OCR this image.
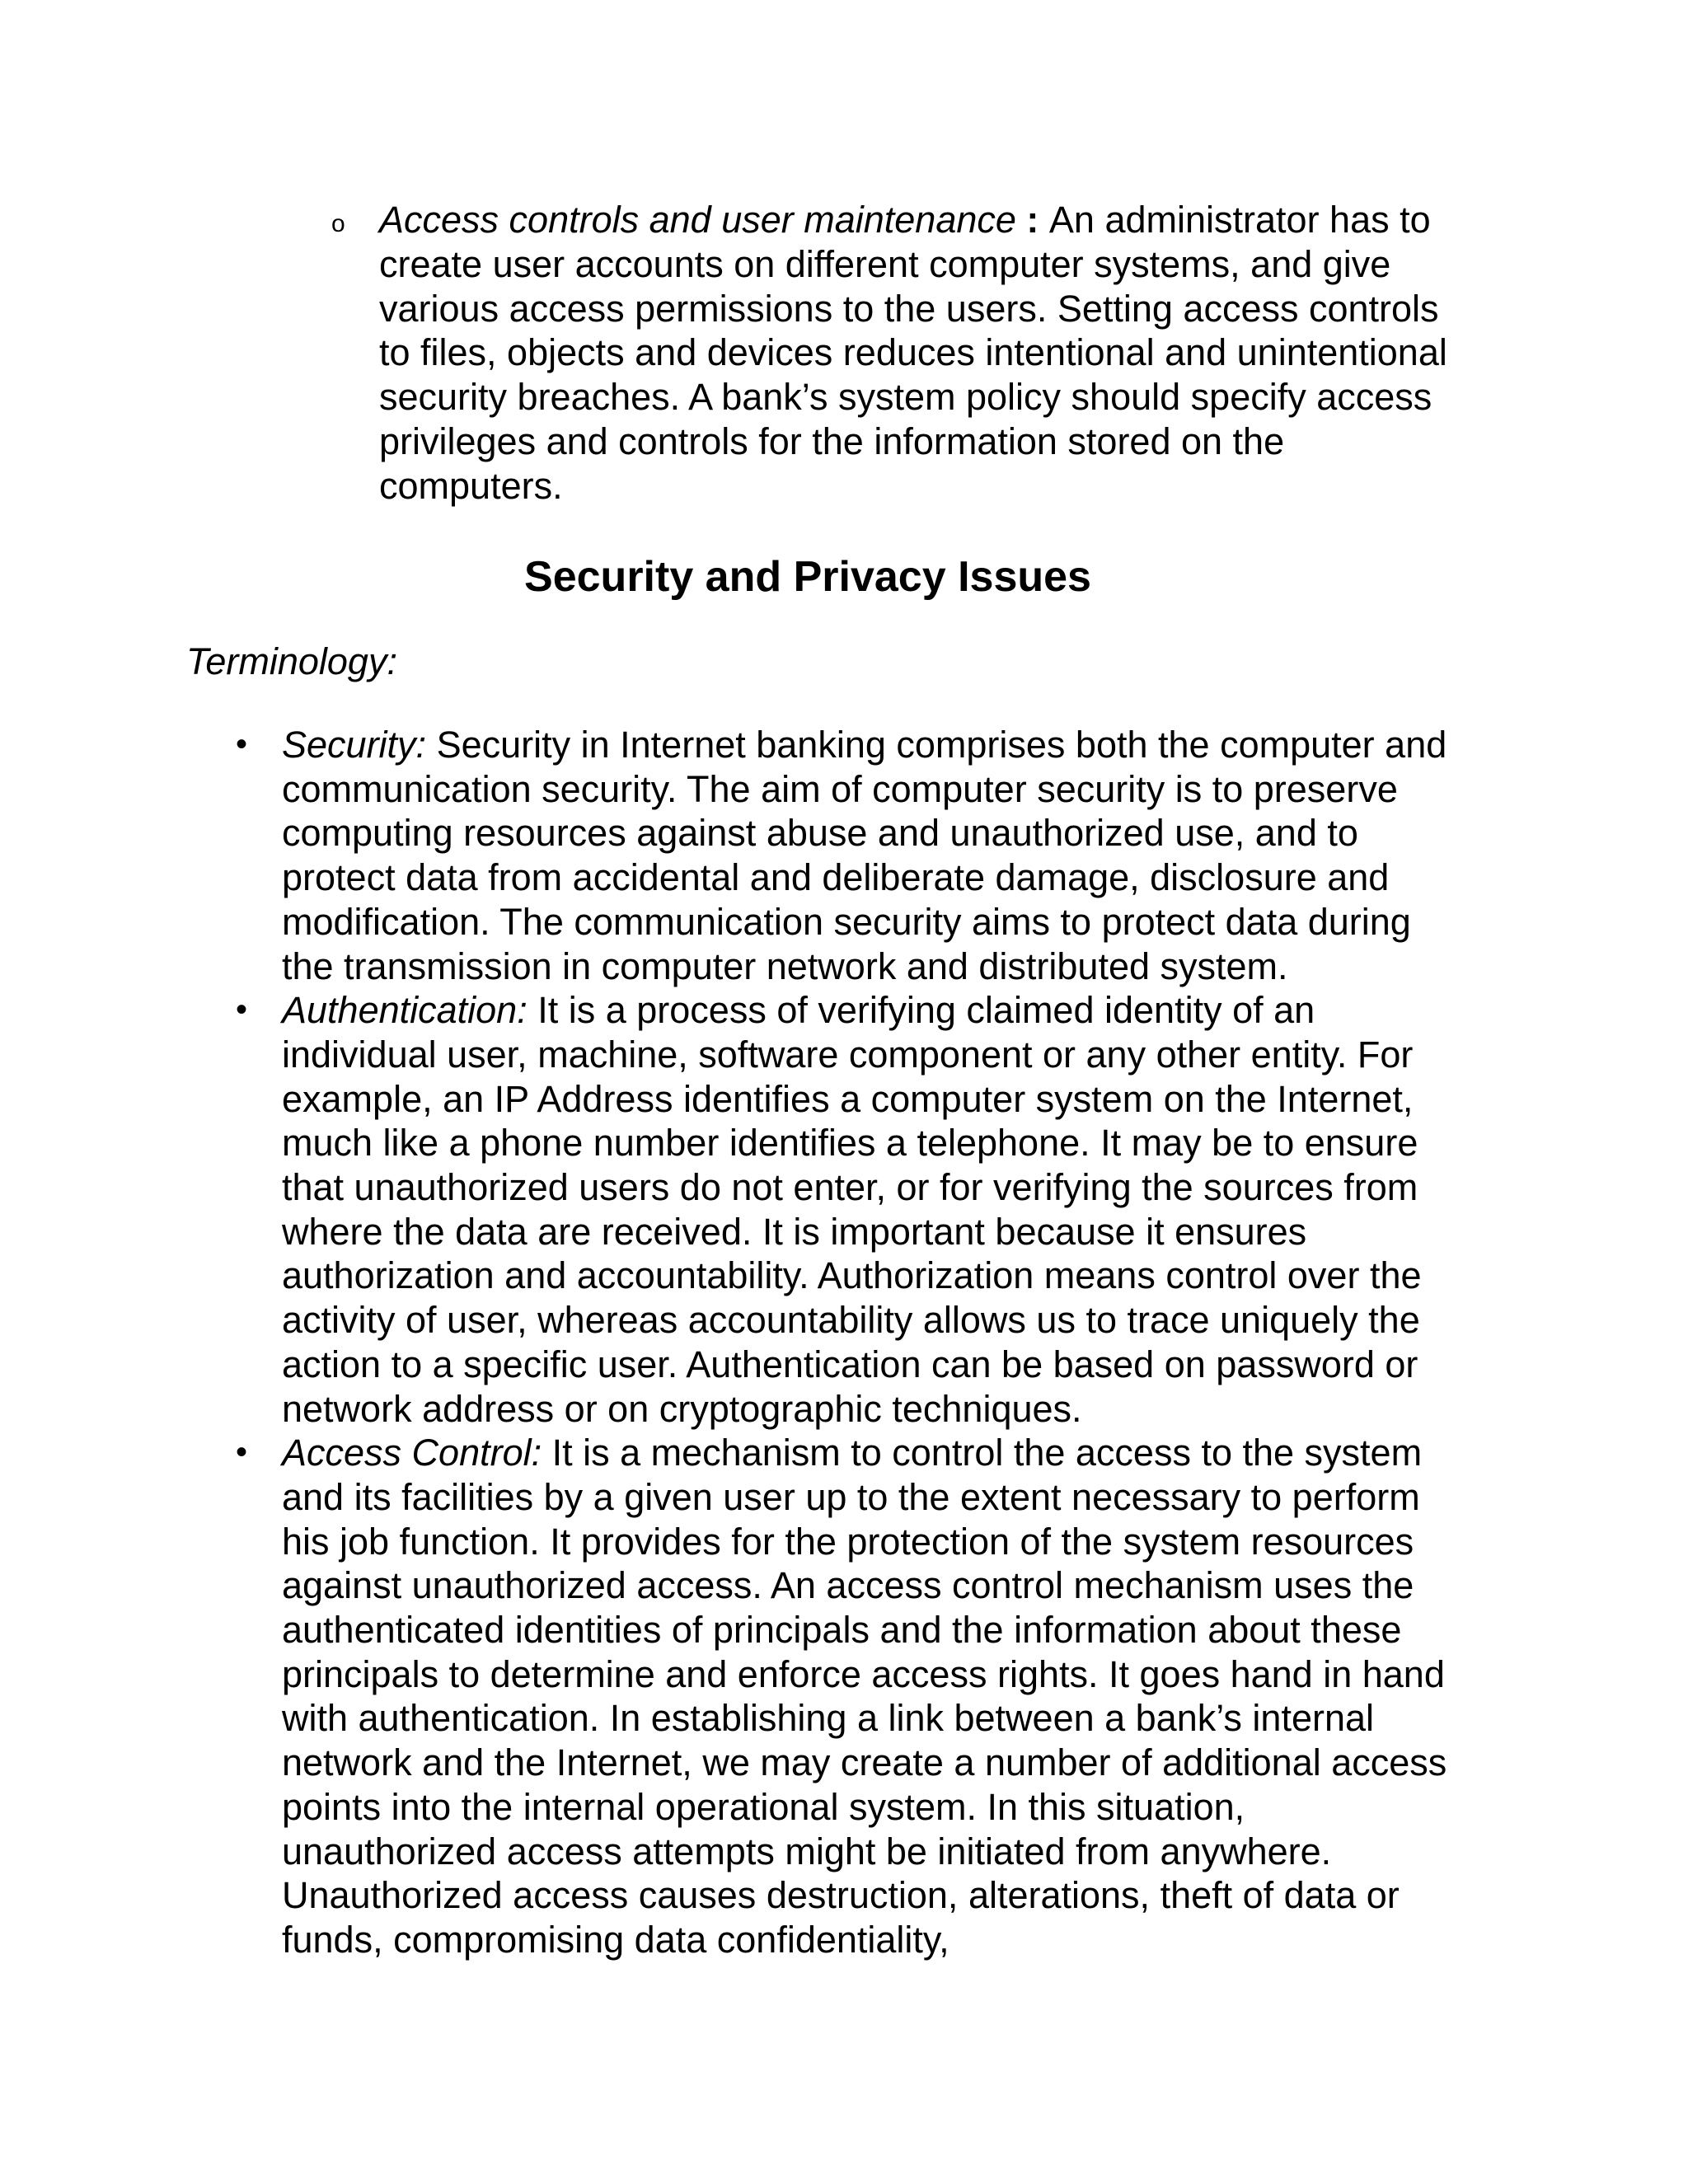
o Access controls and user maintenance : An administrator has to create user accounts on different computer systems, and give various access permissions to the users. Setting access controls to files, objects and devices reduces intentional and unintentional security breaches. A bank’s system policy should specify access privileges and controls for the information stored on the computers.
Security and Privacy Issues
Terminology:
• Security: Security in Internet banking comprises both the computer and communication security. The aim of computer security is to preserve computing resources against abuse and unauthorized use, and to protect data from accidental and deliberate damage, disclosure and modification. The communication security aims to protect data during the transmission in computer network and distributed system.
• Authentication: It is a process of verifying claimed identity of an individual user, machine, software component or any other entity. For example, an IP Address identifies a computer system on the Internet, much like a phone number identifies a telephone. It may be to ensure that unauthorized users do not enter, or for verifying the sources from where the data are received. It is important because it ensures authorization and accountability. Authorization means control over the activity of user, whereas accountability allows us to trace uniquely the action to a specific user. Authentication can be based on password or network address or on cryptographic techniques.
• Access Control: It is a mechanism to control the access to the system and its facilities by a given user up to the extent necessary to perform his job function. It provides for the protection of the system resources against unauthorized access. An access control mechanism uses the authenticated identities of principals and the information about these principals to determine and enforce access rights. It goes hand in hand with authentication. In establishing a link between a bank’s internal network and the Internet, we may create a number of additional access points into the internal operational system. In this situation, unauthorized access attempts might be initiated from anywhere. Unauthorized access causes destruction, alterations, theft of data or funds, compromising data confidentiality,
